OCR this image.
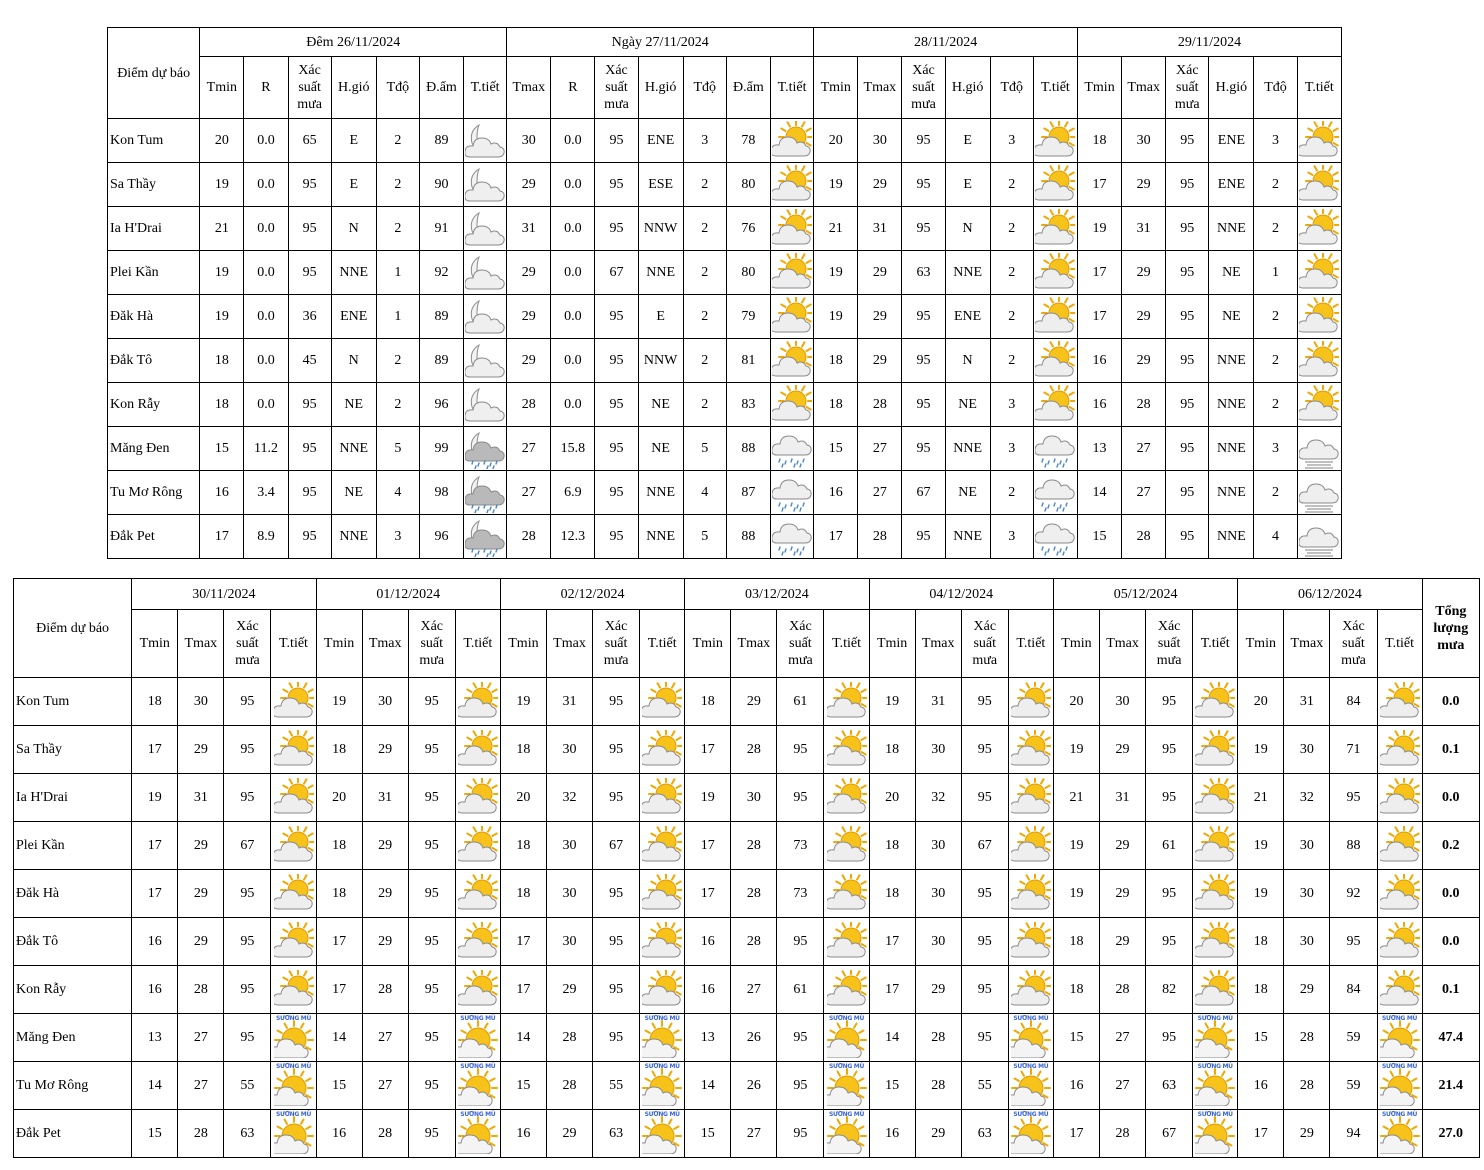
Điểm dự báo	Đêm 26/11/2024							Ngày 27/11/2024							28/11/2024						29/11/2024					
	Tmin	R	Xác suất mưa	H.gió	Tđộ	Đ.ẩm	T.tiết	Tmax	R	Xác suất mưa	H.gió	Tđộ	Đ.ẩm	T.tiết	Tmin	Tmax	Xác suất mưa	H.gió	Tđộ	T.tiết	Tmin	Tmax	Xác suất mưa	H.gió	Tđộ	T.tiết
Kon Tum	20	0.0	65	E	2	89		30	0.0	95	ENE	3	78		20	30	95	E	3		18	30	95	ENE	3	

Sa Thầy	19	0.0	95	E	2	90		29	0.0	95	ESE	2	80		19	29	95	E	2		17	29	95	ENE	2	

Ia H'Drai	21	0.0	95	N	2	91		31	0.0	95	NNW	2	76		21	31	95	N	2		19	31	95	NNE	2	

Plei Kần	19	0.0	95	NNE	1	92		29	0.0	67	NNE	2	80		19	29	63	NNE	2		17	29	95	NE	1	

Đăk Hà	19	0.0	36	ENE	1	89		29	0.0	95	E	2	79		19	29	95	ENE	2		17	29	95	NE	2	

Đắk Tô	18	0.0	45	N	2	89		29	0.0	95	NNW	2	81		18	29	95	N	2		16	29	95	NNE	2	

Kon Rẫy	18	0.0	95	NE	2	96		28	0.0	95	NE	2	83		18	28	95	NE	3		16	28	95	NNE	2	

Măng Đen	15	11.2	95	NNE	5	99		27	15.8	95	NE	5	88		15	27	95	NNE	3		13	27	95	NNE	3	

Tu Mơ Rông	16	3.4	95	NE	4	98		27	6.9	95	NNE	4	87		16	27	67	NE	2		14	27	95	NNE	2	

Đắk Pet	17	8.9	95	NNE	3	96		28	12.3	95	NNE	5	88		17	28	95	NNE	3		15	28	95	NNE	4	
Điểm dự báo	30/11/2024				01/12/2024				02/12/2024				03/12/2024				04/12/2024				05/12/2024				06/12/2024				Tổng lượng mưa
	Tmin	Tmax	Xác suất mưa	T.tiết	Tmin	Tmax	Xác suất mưa	T.tiết	Tmin	Tmax	Xác suất mưa	T.tiết	Tmin	Tmax	Xác suất mưa	T.tiết	Tmin	Tmax	Xác suất mưa	T.tiết	Tmin	Tmax	Xác suất mưa	T.tiết	Tmin	Tmax	Xác suất mưa	T.tiết	
Kon Tum	18	30	95		19	30	95		19	31	95		18	29	61		19	31	95		20	30	95		20	31	84		0.0
Sa Thầy	17	29	95		18	29	95		18	30	95		17	28	95		18	30	95		19	29	95		19	30	71		0.1
Ia H'Drai	19	31	95		20	31	95		20	32	95		19	30	95		20	32	95		21	31	95		21	32	95		0.0
Plei Kần	17	29	67		18	29	95		18	30	67		17	28	73		18	30	67		19	29	61		19	30	88		0.2
Đăk Hà	17	29	95		18	29	95		18	30	95		17	28	73		18	30	95		19	29	95		19	30	92		0.0
Đắk Tô	16	29	95		17	29	95		17	30	95		16	28	95		17	30	95		18	29	95		18	30	95		0.0
Kon Rẫy	16	28	95		17	28	95		17	29	95		16	27	61		17	29	95		18	28	82		18	29	84		0.1
Măng Đen	13	27	95	SƯƠNG MÙ	14	27	95	SƯƠNG MÙ	14	28	95	SƯƠNG MÙ	13	26	95	SƯƠNG MÙ	14	28	95	SƯƠNG MÙ	15	27	95	SƯƠNG MÙ	15	28	59	SƯƠNG MÙ	47.4
Tu Mơ Rông	14	27	55	SƯƠNG MÙ	15	27	95	SƯƠNG MÙ	15	28	55	SƯƠNG MÙ	14	26	95	SƯƠNG MÙ	15	28	55	SƯƠNG MÙ	16	27	63	SƯƠNG MÙ	16	28	59	SƯƠNG MÙ	21.4
Đắk Pet	15	28	63	SƯƠNG MÙ	16	28	95	SƯƠNG MÙ	16	29	63	SƯƠNG MÙ	15	27	95	SƯƠNG MÙ	16	29	63	SƯƠNG MÙ	17	28	67	SƯƠNG MÙ	17	29	94	SƯƠNG MÙ	27.0
